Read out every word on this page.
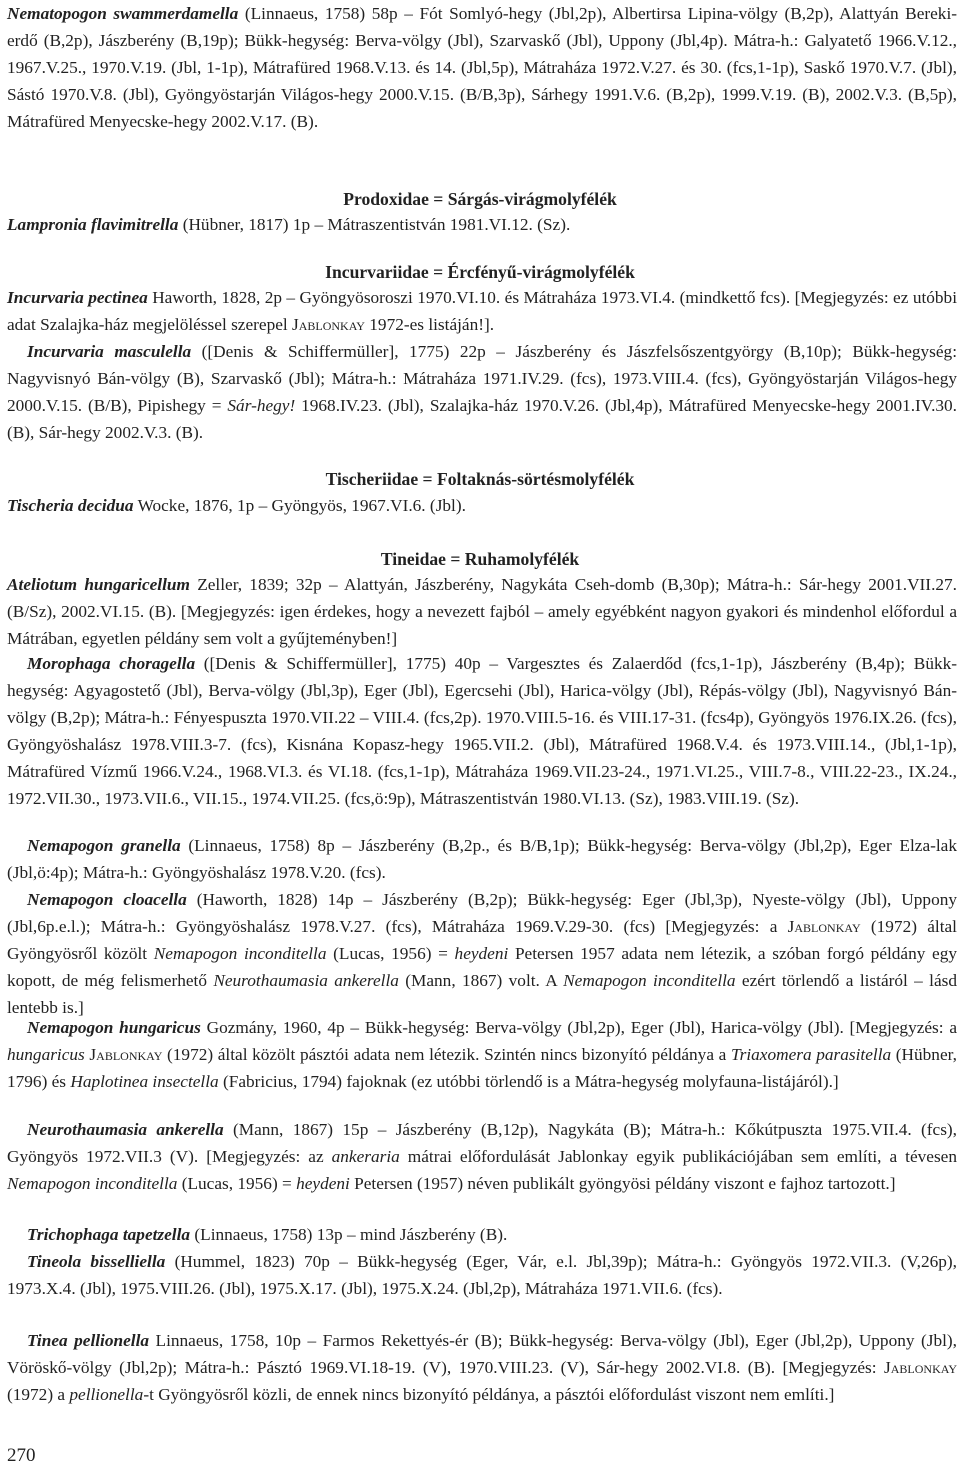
Nematopogon swammerdamella (Linnaeus, 1758) 58p – Fót Somlyó-hegy (Jbl,2p), Albertirsa Lipina-völgy (B,2p), Alattyán Bereki-erdő (B,2p), Jászberény (B,19p); Bükk-hegység: Berva-völgy (Jbl), Szarvaskő (Jbl), Uppony (Jbl,4p). Mátra-h.: Galyatető 1966.V.12., 1967.V.25., 1970.V.19. (Jbl, 1-1p), Mátrafüred 1968.V.13. és 14. (Jbl,5p), Mátraháza 1972.V.27. és 30. (fcs,1-1p), Saskő 1970.V.7. (Jbl), Sástó 1970.V.8. (Jbl), Gyöngyöstarján Világos-hegy 2000.V.15. (B/B,3p), Sárhegy 1991.V.6. (B,2p), 1999.V.19. (B), 2002.V.3. (B,5p), Mátrafüred Menyecske-hegy 2002.V.17. (B).

Prodoxidae = Sárgás-virágmolyfélék

Lampronia flavimitrella (Hübner, 1817) 1p – Mátraszentistván 1981.VI.12. (Sz).

Incurvariidae = Ércfényű-virágmolyfélék

Incurvaria pectinea Haworth, 1828, 2p – Gyöngyösoroszi 1970.VI.10. és Mátraháza 1973.VI.4. (mindkettő fcs). [Megjegyzés: ez utóbbi adat Szalajka-ház megjelöléssel szerepel Jablonkay 1972-es listáján!].

Incurvaria masculella ([Denis & Schiffermüller], 1775) 22p – Jászberény és Jászfelsőszentgyörgy (B,10p); Bükk-hegység: Nagyvisnyó Bán-völgy (B), Szarvaskő (Jbl); Mátra-h.: Mátraháza 1971.IV.29. (fcs), 1973.VIII.4. (fcs), Gyöngyöstarján Világos-hegy 2000.V.15. (B/B), Pipishegy = Sár-hegy! 1968.IV.23. (Jbl), Szalajka-ház 1970.V.26. (Jbl,4p), Mátrafüred Menyecske-hegy 2001.IV.30. (B), Sár-hegy 2002.V.3. (B).

Tischeriidae = Foltaknás-sörtésmolyfélék

Tischeria decidua Wocke, 1876, 1p – Gyöngyös, 1967.VI.6. (Jbl).

Tineidae = Ruhamolyfélék

Ateliotum hungaricellum Zeller, 1839; 32p – Alattyán, Jászberény, Nagykáta Cseh-domb (B,30p); Mátra-h.: Sár-hegy 2001.VII.27. (B/Sz), 2002.VI.15. (B). [Megjegyzés: igen érdekes, hogy a nevezett fajból – amely egyébként nagyon gyakori és mindenhol előfordul a Mátrában, egyetlen példány sem volt a gyűjteményben!]

Morophaga choragella ([Denis & Schiffermüller], 1775) 40p – Vargesztes és Zalaerdőd (fcs,1-1p), Jászberény (B,4p); Bükk-hegység: Agyagostető (Jbl), Berva-völgy (Jbl,3p), Eger (Jbl), Egercsehi (Jbl), Harica-völgy (Jbl), Répás-völgy (Jbl), Nagyvisnyó Bán-völgy (B,2p); Mátra-h.: Fényespuszta 1970.VII.22 – VIII.4. (fcs,2p). 1970.VIII.5-16. és VIII.17-31. (fcs4p), Gyöngyös 1976.IX.26. (fcs), Gyöngyöshalász 1978.VIII.3-7. (fcs), Kisnána Kopasz-hegy 1965.VII.2. (Jbl), Mátrafüred 1968.V.4. és 1973.VIII.14., (Jbl,1-1p), Mátrafüred Vízmű 1966.V.24., 1968.VI.3. és VI.18. (fcs,1-1p), Mátraháza 1969.VII.23-24., 1971.VI.25., VIII.7-8., VIII.22-23., IX.24., 1972.VII.30., 1973.VII.6., VII.15., 1974.VII.25. (fcs,ö:9p), Mátraszentistván 1980.VI.13. (Sz), 1983.VIII.19. (Sz).

Nemapogon granella (Linnaeus, 1758) 8p – Jászberény (B,2p., és B/B,1p); Bükk-hegység: Berva-völgy (Jbl,2p), Eger Elza-lak (Jbl,ö:4p); Mátra-h.: Gyöngyöshalász 1978.V.20. (fcs).

Nemapogon cloacella (Haworth, 1828) 14p – Jászberény (B,2p); Bükk-hegység: Eger (Jbl,3p), Nyeste-völgy (Jbl), Uppony (Jbl,6p.e.l.); Mátra-h.: Gyöngyöshalász 1978.V.27. (fcs), Mátraháza 1969.V.29-30. (fcs) [Megjegyzés: a Jablonkay (1972) által Gyöngyösről közölt Nemapogon inconditella (Lucas, 1956) = heydeni Petersen 1957 adata nem létezik, a szóban forgó példány egy kopott, de még felismerhető Neurothaumasia ankerella (Mann, 1867) volt. A Nemapogon inconditella ezért törlendő a listáról – lásd lentebb is.]

Nemapogon hungaricus Gozmány, 1960, 4p – Bükk-hegység: Berva-völgy (Jbl,2p), Eger (Jbl), Harica-völgy (Jbl). [Megjegyzés: a hungaricus Jablonkay (1972) által közölt pásztói adata nem létezik. Szintén nincs bizonyító példánya a Triaxomera parasitella (Hübner, 1796) és Haplotinea insectella (Fabricius, 1794) fajoknak (ez utóbbi törlendő is a Mátra-hegység molyfauna-listájáról).]

Neurothaumasia ankerella (Mann, 1867) 15p – Jászberény (B,12p), Nagykáta (B); Mátra-h.: Kőkútpuszta 1975.VII.4. (fcs), Gyöngyös 1972.VII.3 (V). [Megjegyzés: az ankeraria mátrai előfordulását Jablonkay egyik publikációjában sem említi, a tévesen Nemapogon inconditella (Lucas, 1956) = heydeni Petersen (1957) néven publikált gyöngyösi példány viszont e fajhoz tartozott.]

Trichophaga tapetzella (Linnaeus, 1758) 13p – mind Jászberény (B).

Tineola bisselliella (Hummel, 1823) 70p – Bükk-hegység (Eger, Vár, e.l. Jbl,39p); Mátra-h.: Gyöngyös 1972.VII.3. (V,26p), 1973.X.4. (Jbl), 1975.VIII.26. (Jbl), 1975.X.17. (Jbl), 1975.X.24. (Jbl,2p), Mátraháza 1971.VII.6. (fcs).

Tinea pellionella Linnaeus, 1758, 10p – Farmos Rekettyés-ér (B); Bükk-hegység: Berva-völgy (Jbl), Eger (Jbl,2p), Uppony (Jbl), Vöröskő-völgy (Jbl,2p); Mátra-h.: Pásztó 1969.VI.18-19. (V), 1970.VIII.23. (V), Sár-hegy 2002.VI.8. (B). [Megjegyzés: Jablonkay (1972) a pellionella-t Gyöngyösről közli, de ennek nincs bizonyító példánya, a pásztói előfordulást viszont nem említi.]

270
